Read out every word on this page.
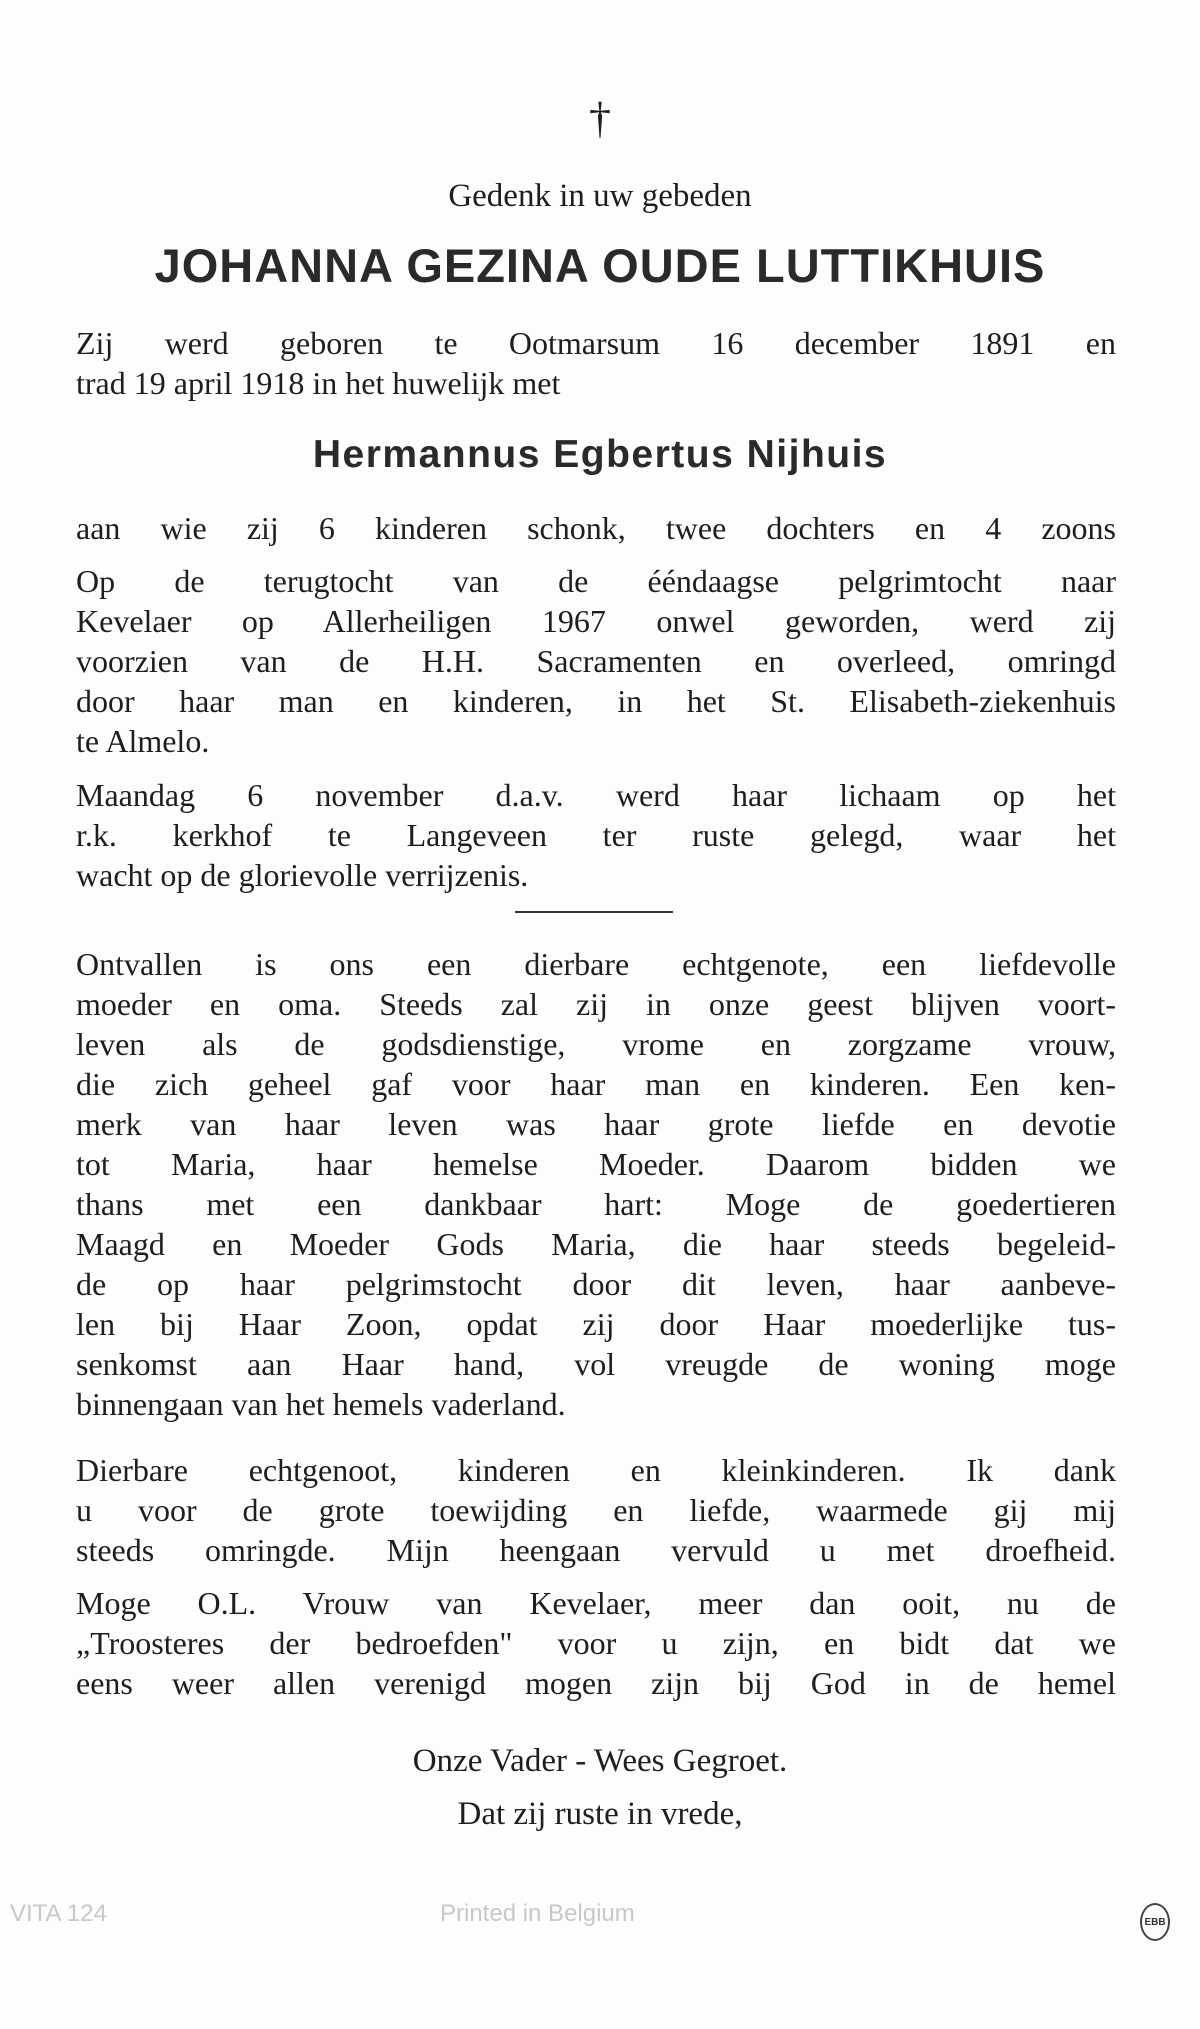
†
Gedenk in uw gebeden
JOHANNA GEZINA OUDE LUTTIKHUIS
Zij werd geboren te Ootmarsum 16 december 1891 en
trad 19 april 1918 in het huwelijk met
Hermannus Egbertus Nijhuis
aan wie zij 6 kinderen schonk, twee dochters en 4 zoons
Op de terugtocht van de ééndaagse pelgrimtocht naar
Kevelaer op Allerheiligen 1967 onwel geworden, werd zij
voorzien van de H.H. Sacramenten en overleed, omringd
door haar man en kinderen, in het St. Elisabeth-ziekenhuis
te Almelo.
Maandag 6 november d.a.v. werd haar lichaam op het
r.k. kerkhof te Langeveen ter ruste gelegd, waar het
wacht op de glorievolle verrijzenis.
Ontvallen is ons een dierbare echtgenote, een liefdevolle
moeder en oma. Steeds zal zij in onze geest blijven voort-
leven als de godsdienstige, vrome en zorgzame vrouw,
die zich geheel gaf voor haar man en kinderen. Een ken-
merk van haar leven was haar grote liefde en devotie
tot Maria, haar hemelse Moeder. Daarom bidden we
thans met een dankbaar hart: Moge de goedertieren
Maagd en Moeder Gods Maria, die haar steeds begeleid-
de op haar pelgrimstocht door dit leven, haar aanbeve-
len bij Haar Zoon, opdat zij door Haar moederlijke tus-
senkomst aan Haar hand, vol vreugde de woning moge
binnengaan van het hemels vaderland.
Dierbare echtgenoot, kinderen en kleinkinderen. Ik dank
u voor de grote toewijding en liefde, waarmede gij mij
steeds omringde. Mijn heengaan vervuld u met droefheid.
Moge O.L. Vrouw van Kevelaer, meer dan ooit, nu de
„Troosteres der bedroefden" voor u zijn, en bidt dat we
eens weer allen verenigd mogen zijn bij God in de hemel
Onze Vader - Wees Gegroet.
Dat zij ruste in vrede,
VITA 124	Printed in Belgium	EBB
